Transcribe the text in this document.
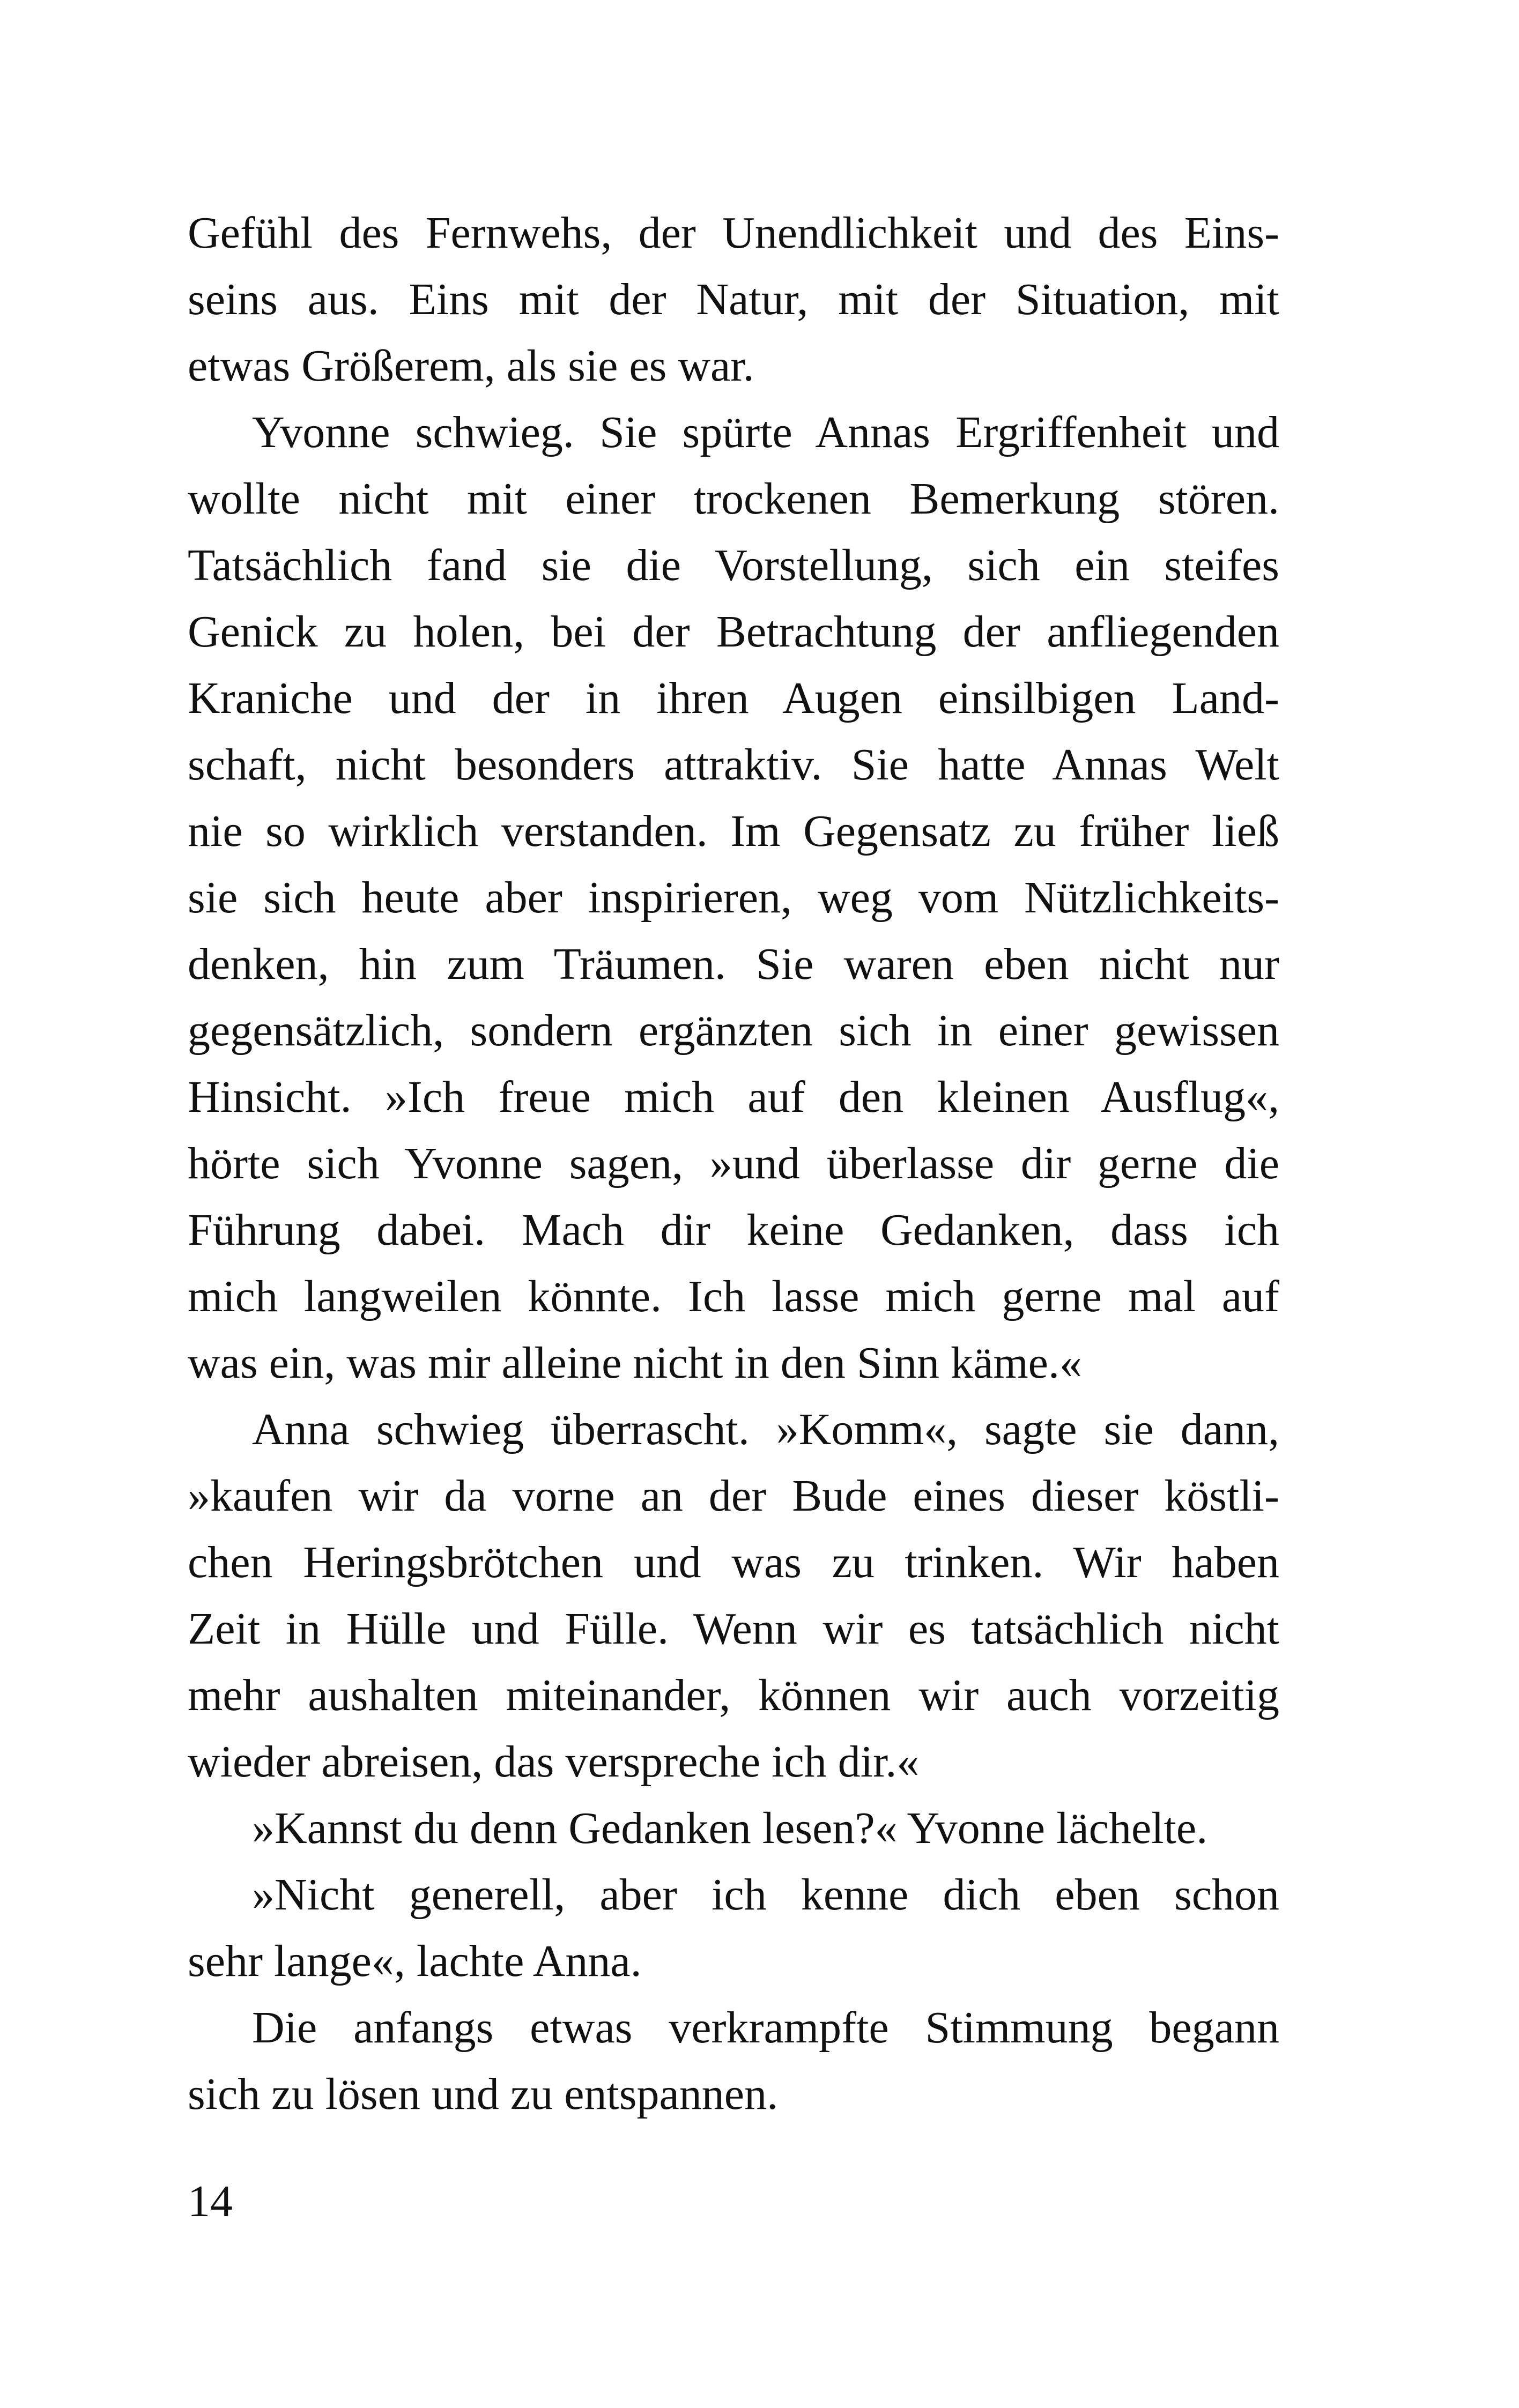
Gefühl des Fernwehs, der Unendlichkeit und des Eins-
seins aus. Eins mit der Natur, mit der Situation, mit
etwas Größerem, als sie es war.
Yvonne schwieg. Sie spürte Annas Ergriffenheit und
wollte nicht mit einer trockenen Bemerkung stören.
Tatsächlich fand sie die Vorstellung, sich ein steifes
Genick zu holen, bei der Betrachtung der anfliegenden
Kraniche und der in ihren Augen einsilbigen Land-
schaft, nicht besonders attraktiv. Sie hatte Annas Welt
nie so wirklich verstanden. Im Gegensatz zu früher ließ
sie sich heute aber inspirieren, weg vom Nützlichkeits-
denken, hin zum Träumen. Sie waren eben nicht nur
gegensätzlich, sondern ergänzten sich in einer gewissen
Hinsicht. »Ich freue mich auf den kleinen Ausflug«,
hörte sich Yvonne sagen, »und überlasse dir gerne die
Führung dabei. Mach dir keine Gedanken, dass ich
mich langweilen könnte. Ich lasse mich gerne mal auf
was ein, was mir alleine nicht in den Sinn käme.«
Anna schwieg überrascht. »Komm«, sagte sie dann,
»kaufen wir da vorne an der Bude eines dieser köstli-
chen Heringsbrötchen und was zu trinken. Wir haben
Zeit in Hülle und Fülle. Wenn wir es tatsächlich nicht
mehr aushalten miteinander, können wir auch vorzeitig
wieder abreisen, das verspreche ich dir.«
»Kannst du denn Gedanken lesen?« Yvonne lächelte.
»Nicht generell, aber ich kenne dich eben schon
sehr lange«, lachte Anna.
Die anfangs etwas verkrampfte Stimmung begann
sich zu lösen und zu entspannen.
14
